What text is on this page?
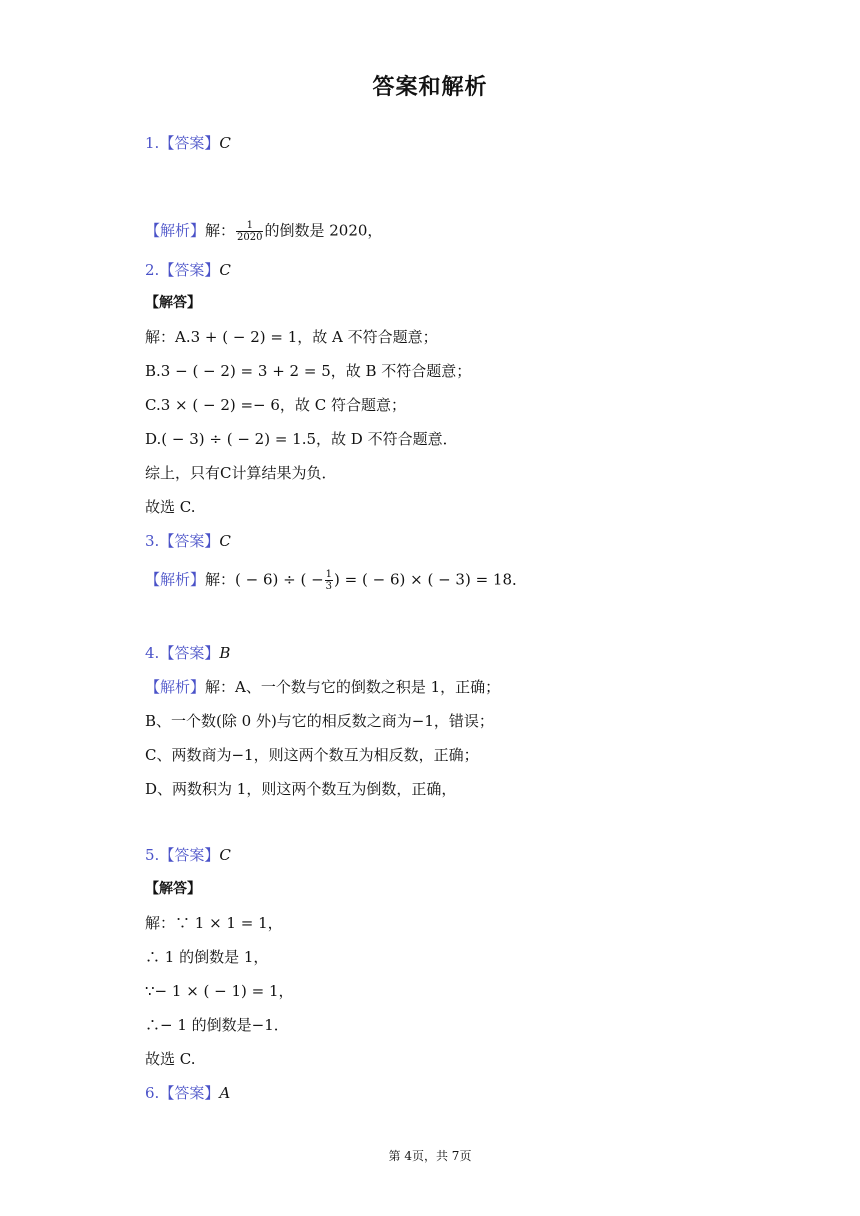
答案和解析
1.【答案】C
【解析】解： $\frac{1}{2020}$ 的倒数是 2020，
2.【答案】C
【解答】
解：A.3 + ( − 2) = 1，故 A 不符合题意；
B.3 − ( − 2) = 3 + 2 = 5，故 B 不符合题意；
C.3 × ( − 2) =− 6，故 C 符合题意；
D.( − 3) ÷ ( − 2) = 1.5，故 D 不符合题意．
综上，只有C计算结果为负．
故选 C.
3.【答案】C
【解析】解：( − 6) ÷ ( − $\frac{1}{3}$ ) = ( − 6) × ( − 3) = 18．
4.【答案】B
【解析】解：A、一个数与它的倒数之积是 1，正确；
B、一个数(除 0 外)与它的相反数之商为−1，错误；
C、两数商为−1，则这两个数互为相反数，正确；
D、两数积为 1，则这两个数互为倒数，正确，
5.【答案】C
【解答】
解：∵ 1 × 1 = 1，
∴ 1 的倒数是 1，
∵− 1 × ( − 1) = 1，
∴− 1 的倒数是−1．
故选 C.
6.【答案】A
第 4页，共 7页
